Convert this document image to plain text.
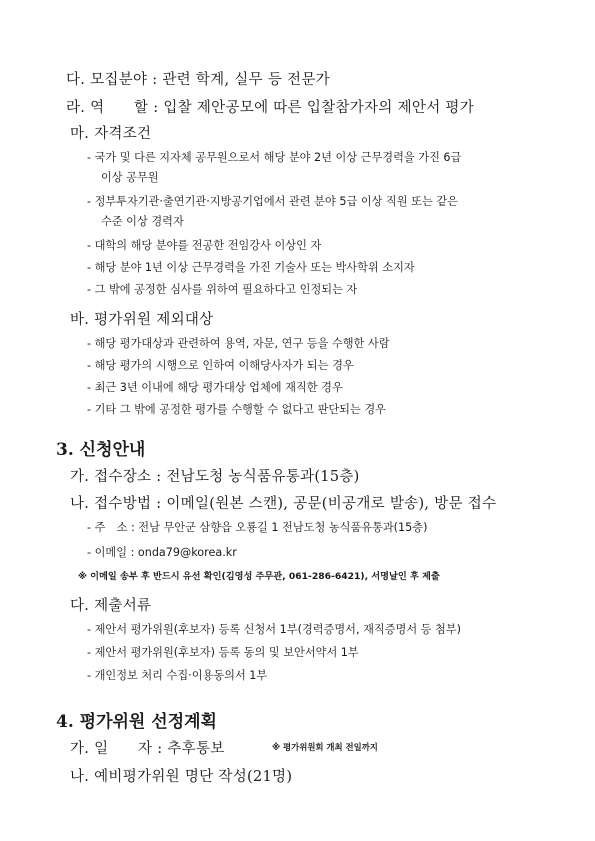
다. 모집분야 : 관련 학계, 실무 등 전문가
라. 역　　할 : 입찰 제안공모에 따른 입찰참가자의 제안서 평가
마. 자격조건
- 국가 및 다른 지자체 공무원으로서 해당 분야 2년 이상 근무경력을 가진 6급
이상 공무원
- 정부투자기관·출연기관·지방공기업에서 관련 분야 5급 이상 직원 또는 같은
수준 이상 경력자
- 대학의 해당 분야를 전공한 전임강사 이상인 자
- 해당 분야 1년 이상 근무경력을 가진 기술사 또는 박사학위 소지자
- 그 밖에 공정한 심사를 위하여 필요하다고 인정되는 자
바. 평가위원 제외대상
- 해당 평가대상과 관련하여 용역, 자문, 연구 등을 수행한 사람
- 해당 평가의 시행으로 인하여 이해당사자가 되는 경우
- 최근 3년 이내에 해당 평가대상 업체에 재직한 경우
- 기타 그 밖에 공정한 평가를 수행할 수 없다고 판단되는 경우
3. 신청안내
가. 접수장소 : 전남도청 농식품유통과(15층)
나. 접수방법 : 이메일(원본 스캔), 공문(비공개로 발송), 방문 접수
- 주　소 : 전남 무안군 삼향읍 오룡길 1 전남도청 농식품유통과(15층)
- 이메일 : onda79@korea.kr
※ 이메일 송부 후 반드시 유선 확인(김영성 주무관, 061-286-6421), 서명날인 후 제출
다. 제출서류
- 제안서 평가위원(후보자) 등록 신청서 1부(경력증명서, 재직증명서 등 첨부)
- 제안서 평가위원(후보자) 등록 동의 및 보안서약서 1부
- 개인정보 처리 수집·이용동의서 1부
4. 평가위원 선정계획
가. 일　　자 : 추후통보	※ 평가위원회 개최 전일까지
나. 예비평가위원 명단 작성(21명)
